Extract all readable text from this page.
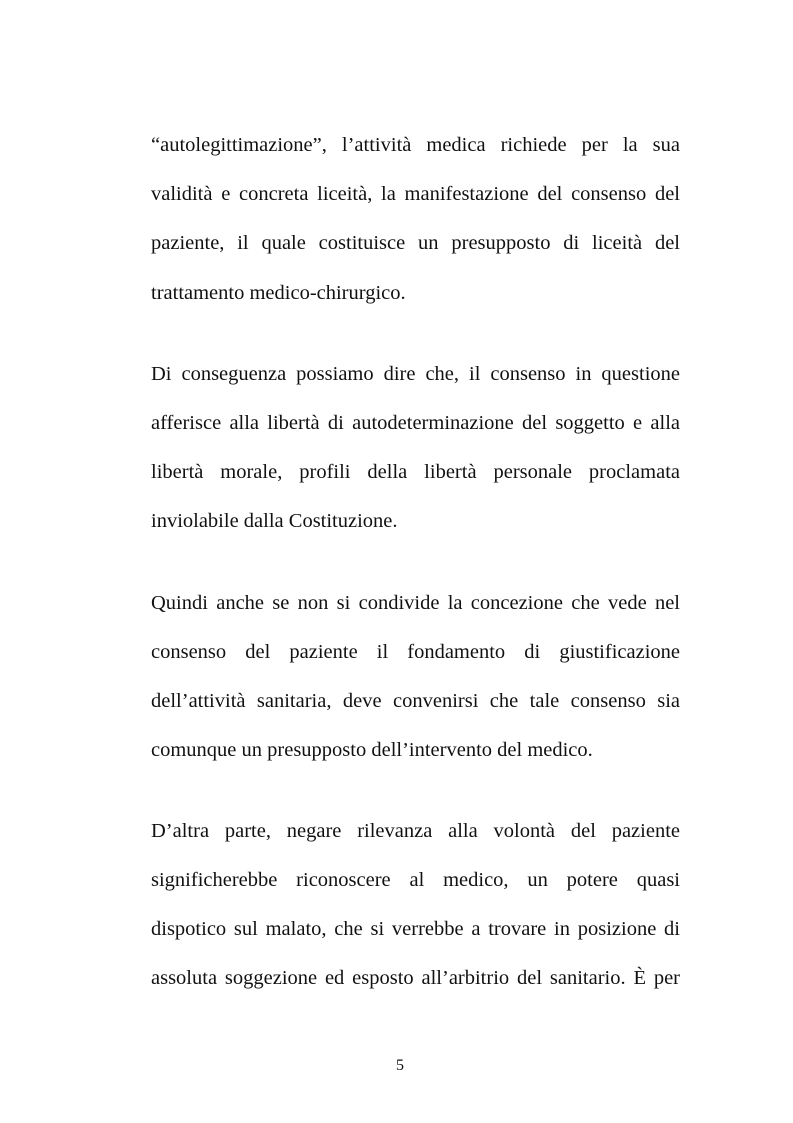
“autolegittimazione”, l’attività medica richiede per la sua

validità e concreta liceità, la manifestazione del consenso del

paziente, il quale costituisce un presupposto di liceità del

trattamento medico-chirurgico.

Di conseguenza possiamo dire che, il consenso in questione

afferisce alla libertà di autodeterminazione del soggetto e alla

libertà morale, profili della libertà personale proclamata

inviolabile dalla Costituzione.

Quindi anche se non si condivide la concezione che vede nel

consenso del paziente il fondamento di giustificazione

dell’attività sanitaria, deve convenirsi che tale consenso sia

comunque un presupposto dell’intervento del medico.

D’altra parte, negare rilevanza alla volontà del paziente

significherebbe riconoscere al medico, un potere quasi

dispotico sul malato, che si verrebbe a trovare in posizione di

assoluta soggezione ed esposto all’arbitrio del sanitario. È per

5
